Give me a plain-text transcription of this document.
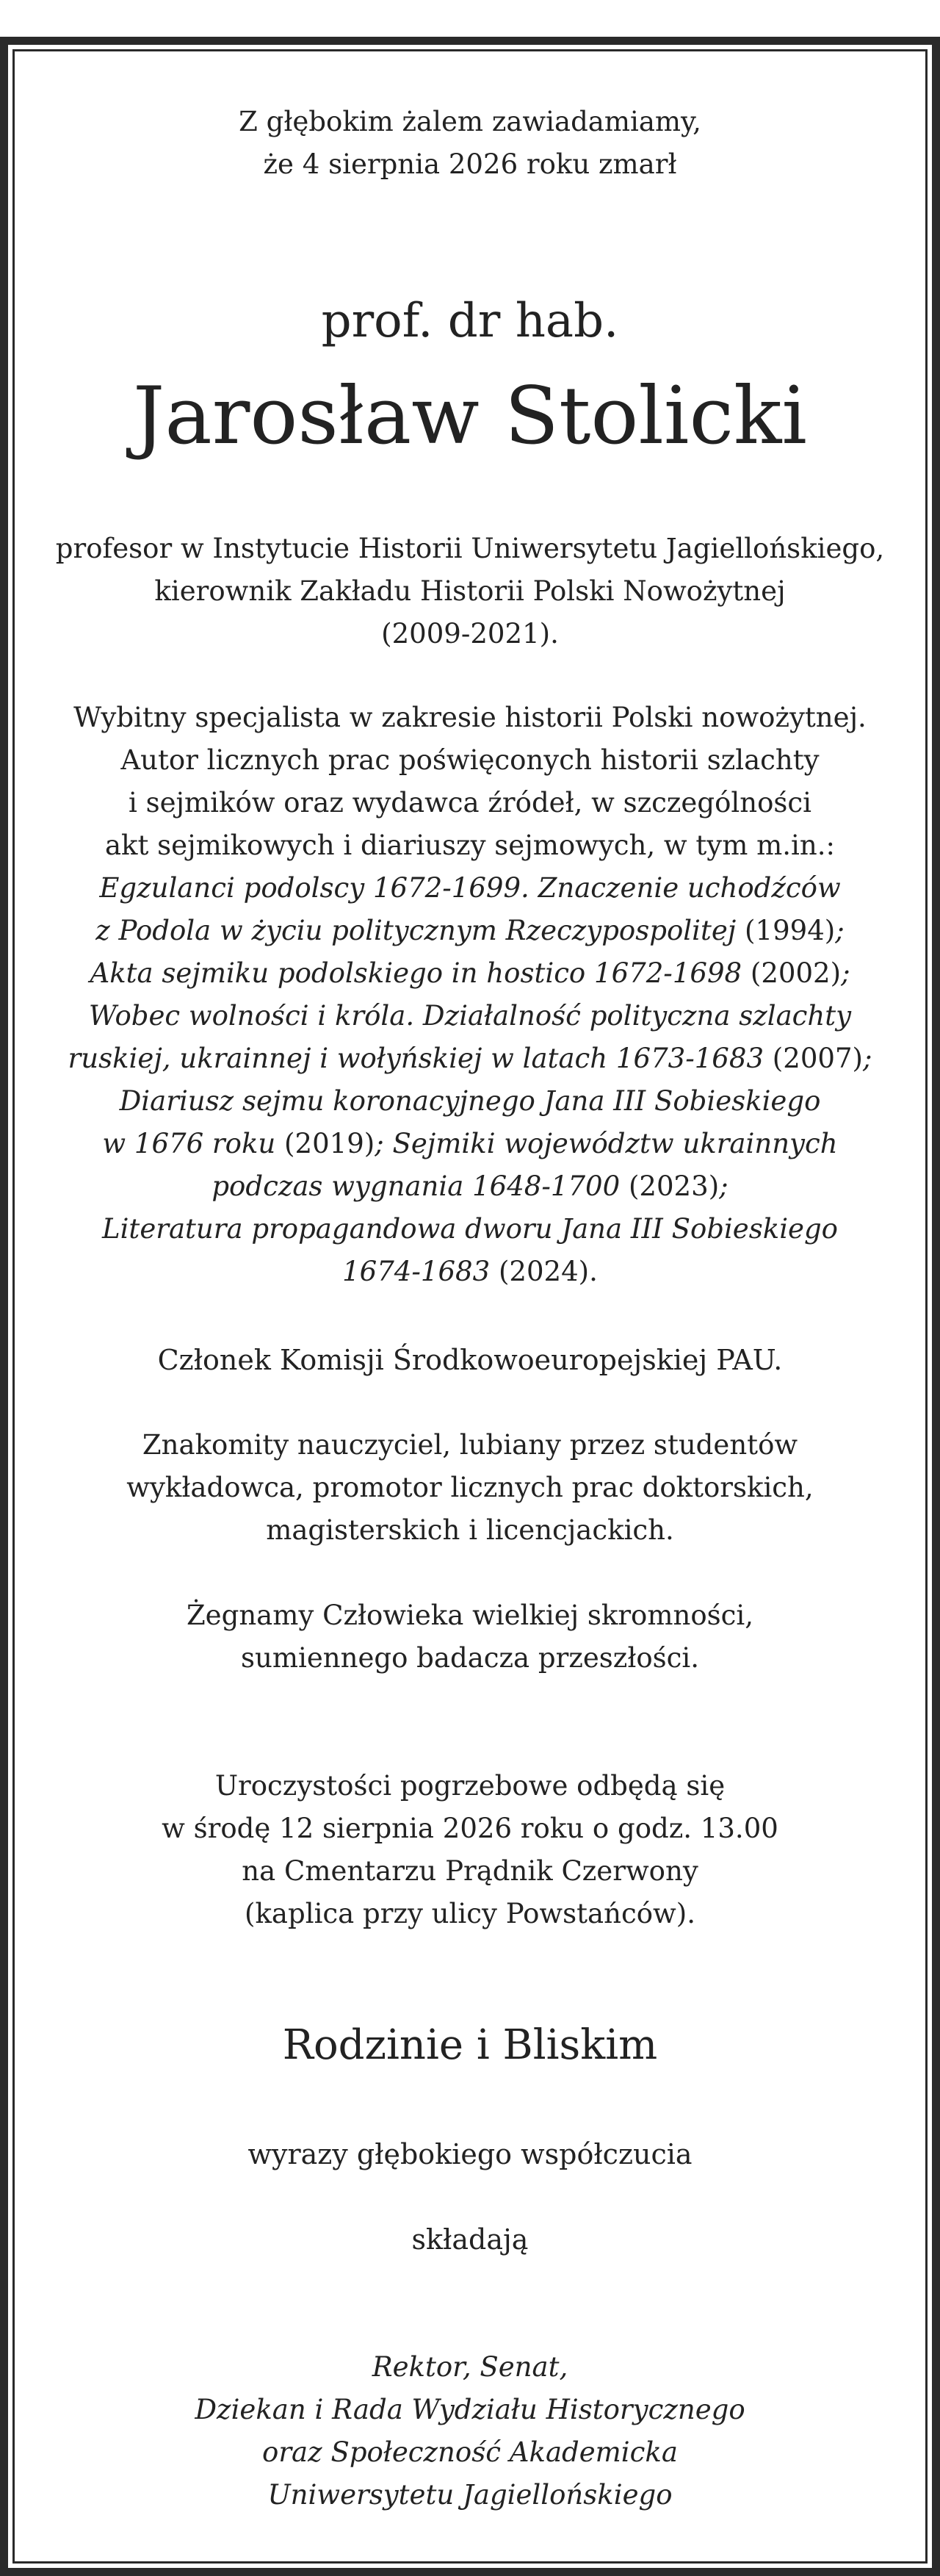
Z głębokim żalem zawiadamiamy,
że 4 sierpnia 2026 roku zmarł
prof. dr hab.
Jarosław Stolicki
profesor w Instytucie Historii Uniwersytetu Jagiellońskiego,
kierownik Zakładu Historii Polski Nowożytnej
(2009-2021).
Wybitny specjalista w zakresie historii Polski nowożytnej.
Autor licznych prac poświęconych historii szlachty
i sejmików oraz wydawca źródeł, w szczególności
akt sejmikowych i diariuszy sejmowych, w tym m.in.:
Egzulanci podolscy 1672-1699. Znaczenie uchodźców
z Podola w życiu politycznym Rzeczypospolitej (1994);
Akta sejmiku podolskiego in hostico 1672-1698 (2002);
Wobec wolności i króla. Działalność polityczna szlachty
ruskiej, ukrainnej i wołyńskiej w latach 1673-1683 (2007);
Diariusz sejmu koronacyjnego Jana III Sobieskiego
w 1676 roku (2019); Sejmiki województw ukrainnych
podczas wygnania 1648-1700 (2023);
Literatura propagandowa dworu Jana III Sobieskiego
1674-1683 (2024).
Członek Komisji Środkowoeuropejskiej PAU.
Znakomity nauczyciel, lubiany przez studentów
wykładowca, promotor licznych prac doktorskich,
magisterskich i licencjackich.
Żegnamy Człowieka wielkiej skromności,
sumiennego badacza przeszłości.
Uroczystości pogrzebowe odbędą się
w środę 12 sierpnia 2026 roku o godz. 13.00
na Cmentarzu Prądnik Czerwony
(kaplica przy ulicy Powstańców).
Rodzinie i Bliskim
wyrazy głębokiego współczucia
składają
Rektor, Senat,
Dziekan i Rada Wydziału Historycznego
oraz Społeczność Akademicka
Uniwersytetu Jagiellońskiego
